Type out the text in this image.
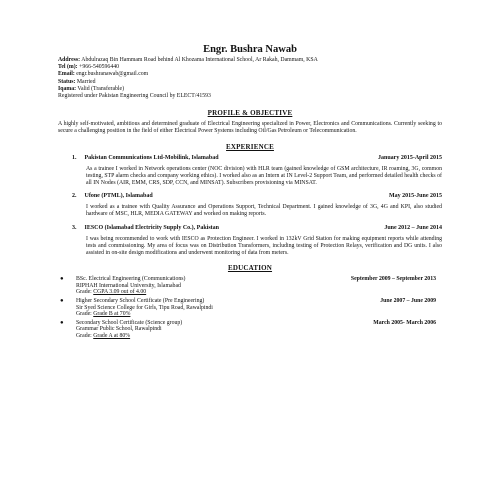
Engr. Bushra Nawab
Address: Abdulrazaq Bin Hammam Road behind Al Khozama International School, Ar Rakah, Dammam, KSA
Tel (m): +966-540596440
Email: engr.bushranawab@gmail.com
Status: Married
Iqama: Valid (Transferable)
Registered under Pakistan Engineering Council by ELECT/41593
PROFILE & OBJECTIVE
A highly self-motivated, ambitious and determined graduate of Electrical Engineering specialized in Power, Electronics and Communications. Currently seeking to secure a challenging position in the field of either Electrical Power Systems including Oil/Gas Petroleum or Telecommunication.
EXPERIENCE
1. Pakistan Communications Ltd-Mobilink, Islamabad	January 2015-April 2015
As a trainee I worked in Network operations center (NOC division) with HLR team (gained knowledge of GSM architecture, IR roaming, 3G, common testing, STP alarm checks and company working ethics). I worked also as an Intern at IN Level-2 Support Team, and performed detailed health checks of all IN Nodes (AIR, EMM, CRS, SDP, CCN, and MINSAT). Subscribers provisioning via MINSAT.
2. Ufone (PTML), Islamabad	May 2015-June 2015
I worked as a trainee with Quality Assurance and Operations Support, Technical Department. I gained knowledge of 3G, 4G and KPI, also studied hardware of MSC, HLR, MEDIA GATEWAY and worked on making reports.
3. IESCO (Islamabad Electricity Supply Co.), Pakistan	June 2012 – June 2014
I was being recommended to work with IESCO as Protection Engineer. I worked in 132kV Grid Station for making equipment reports while attending tests and commissioning. My area of focus was on Distribution Transformers, including testing of Protection Relays, verification and DG units. I also assisted in on-site design modifications and underwent monitoring of data from meters.
EDUCATION
● BSc. Electrical Engineering (Communications)	September 2009 – September 2013
RIPHAH International University, Islamabad
Grade: CGPA 3.09 out of 4.00
● Higher Secondary School Certificate (Pre Engineering)	June 2007 – June 2009
Sir Syed Science College for Girls, Tipu Road, Rawalpindi
Grade: Grade B at 70%
● Secondary School Certificate (Science group)	March 2005- March 2006
Grammar Public School, Rawalpindi
Grade: Grade A at 80%
